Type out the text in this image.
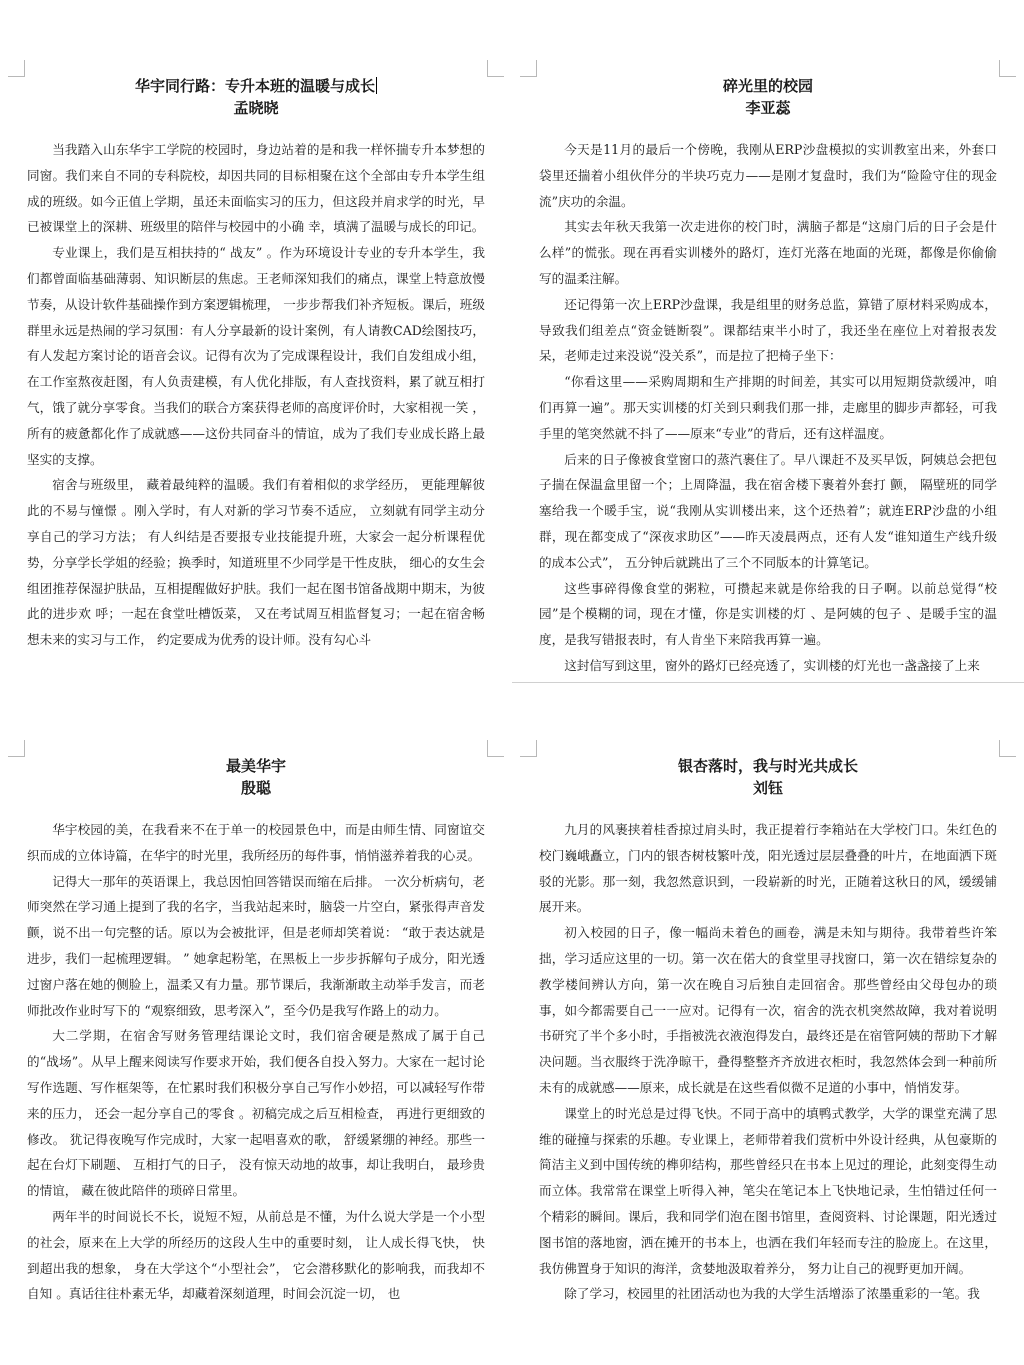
华宇同行路：专升本班的温暖与成长

孟晓晓

当我踏入山东华宇工学院的校园时，身边站着的是和我一样怀揣专升本梦想的同窗。我们来自不同的专科院校，却因共同的目标相聚在这个全部由专升本学生组成的班级。如今正值上学期，虽还未面临实习的压力，但这段并肩求学的时光，早已被课堂上的深耕、班级里的陪伴与校园中的小确 幸，填满了温暖与成长的印记。

专业课上，我们是互相扶持的“ 战友” 。作为环境设计专业的专升本学生，我们都曾面临基础薄弱、知识断层的焦虑。王老师深知我们的痛点，课堂上特意放慢节奏，从设计软件基础操作到方案逻辑梳理， 一步步帮我们补齐短板。课后，班级群里永远是热闹的学习氛围：有人分享最新的设计案例，有人请教CAD绘图技巧，有人发起方案讨论的语音会议。记得有次为了完成课程设计，我们自发组成小组，在工作室熬夜赶图，有人负责建模，有人优化排版，有人查找资料，累了就互相打气，饿了就分享零食。当我们的联合方案获得老师的高度评价时，大家相视一笑 ，所有的疲惫都化作了成就感——这份共同奋斗的情谊，成为了我们专业成长路上最坚实的支撑。

宿舍与班级里， 藏着最纯粹的温暖。我们有着相似的求学经历， 更能理解彼此的不易与憧憬 。刚入学时，有人对新的学习节奏不适应， 立刻就有同学主动分享自己的学习方法； 有人纠结是否要报专业技能提升班，大家会一起分析课程优 势，分享学长学姐的经验；换季时，知道班里不少同学是干性皮肤， 细心的女生会组团推荐保湿护肤品，互相提醒做好护肤。我们一起在图书馆备战期中期末，为彼此的进步欢 呼；一起在食堂吐槽饭菜， 又在考试周互相监督复习；一起在宿舍畅想未来的实习与工作， 约定要成为优秀的设计师。没有勾心斗

碎光里的校园

李亚蕊

今天是11月的最后一个傍晚，我刚从ERP沙盘模拟的实训教室出来，外套口袋里还揣着小组伙伴分的半块巧克力——是刚才复盘时，我们为“险险守住的现金流”庆功的余温。

其实去年秋天我第一次走进你的校门时，满脑子都是“这扇门后的日子会是什么样”的慌张。现在再看实训楼外的路灯，连灯光落在地面的光斑，都像是你偷偷写的温柔注解。

还记得第一次上ERP沙盘课，我是组里的财务总监，算错了原材料采购成本，导致我们组差点“资金链断裂”。课都结束半小时了，我还坐在座位上对着报表发呆，老师走过来没说“没关系”，而是拉了把椅子坐下：

“你看这里——采购周期和生产排期的时间差，其实可以用短期贷款缓冲，咱们再算一遍”。那天实训楼的灯关到只剩我们那一排，走廊里的脚步声都轻，可我手里的笔突然就不抖了——原来“专业”的背后，还有这样温度。

后来的日子像被食堂窗口的蒸汽裹住了。早八课赶不及买早饭，阿姨总会把包子揣在保温盒里留一个；上周降温，我在宿舍楼下裹着外套打 颤， 隔壁班的同学塞给我一个暖手宝，说“我刚从实训楼出来，这个还热着”；就连ERP沙盘的小组群，现在都变成了“深夜求助区”——昨天凌晨两点，还有人发“谁知道生产线升级的成本公式”， 五分钟后就跳出了三个不同版本的计算笔记。

这些事碎得像食堂的粥粒，可攒起来就是你给我的日子啊。以前总觉得“校园”是个模糊的词，现在才懂，你是实训楼的灯 、是阿姨的包子 、是暖手宝的温度，是我写错报表时，有人肯坐下来陪我再算一遍。

这封信写到这里，窗外的路灯已经亮透了，实训楼的灯光也一盏盏接了上来

最美华宇

殷聪

华宇校园的美，在我看来不在于单一的校园景色中，而是由师生情、同窗谊交织而成的立体诗篇，在华宇的时光里，我所经历的每件事，悄悄滋养着我的心灵。

记得大一那年的英语课上，我总因怕回答错误而缩在后排。 一次分析病句，老师突然在学习通上提到了我的名字，当我站起来时，脑袋一片空白，紧张得声音发颤，说不出一句完整的话。原以为会被批评，但是老师却笑着说： “敢于表达就是进步，我们一起梳理逻辑。 ” 她拿起粉笔，在黑板上一步步拆解句子成分，阳光透过窗户落在她的侧脸上，温柔又有力量。那节课后，我渐渐敢主动举手发言，而老师批改作业时写下的 “观察细致，思考深入”，至今仍是我写作路上的动力。

大二学期，在宿舍写财务管理结课论文时，我们宿舍硬是熬成了属于自己的“战场”。从早上醒来阅读写作要求开始，我们便各自投入努力。大家在一起讨论写作选题、写作框架等，在忙累时我们积极分享自己写作小妙招，可以减轻写作带来的压力， 还会一起分享自己的零食 。初稿完成之后互相检查， 再进行更细致的修改。 犹记得夜晚写作完成时，大家一起唱喜欢的歌， 舒缓紧绷的神经。那些一起在台灯下刷题、 互相打气的日子， 没有惊天动地的故事，却让我明白， 最珍贵的情谊， 藏在彼此陪伴的琐碎日常里。

两年半的时间说长不长，说短不短，从前总是不懂，为什么说大学是一个小型的社会，原来在上大学的所经历的这段人生中的重要时刻， 让人成长得飞快， 快到超出我的想象， 身在大学这个“小型社会”， 它会潜移默化的影响我，而我却不自知 。真话往往朴素无华，却藏着深刻道理，时间会沉淀一切， 也

银杏落时，我与时光共成长

刘钰

九月的风裹挟着桂香掠过肩头时，我正提着行李箱站在大学校门口。朱红色的校门巍峨矗立，门内的银杏树枝繁叶茂，阳光透过层层叠叠的叶片，在地面洒下斑驳的光影。那一刻，我忽然意识到，一段崭新的时光，正随着这秋日的风，缓缓铺展开来。

初入校园的日子，像一幅尚未着色的画卷，满是未知与期待。我带着些许笨拙，学习适应这里的一切。第一次在偌大的食堂里寻找窗口，第一次在错综复杂的教学楼间辨认方向，第一次在晚自习后独自走回宿舍。那些曾经由父母包办的琐事，如今都需要自己一一应对。记得有一次，宿舍的洗衣机突然故障，我对着说明书研究了半个多小时，手指被洗衣液泡得发白，最终还是在宿管阿姨的帮助下才解决问题。当衣服终于洗净晾干，叠得整整齐齐放进衣柜时，我忽然体会到一种前所未有的成就感——原来，成长就是在这些看似微不足道的小事中，悄悄发芽。

课堂上的时光总是过得飞快。不同于高中的填鸭式教学，大学的课堂充满了思维的碰撞与探索的乐趣。专业课上，老师带着我们赏析中外设计经典，从包豪斯的简洁主义到中国传统的榫卯结构，那些曾经只在书本上见过的理论，此刻变得生动而立体。我常常在课堂上听得入神，笔尖在笔记本上飞快地记录，生怕错过任何一个精彩的瞬间。课后，我和同学们泡在图书馆里，查阅资料、讨论课题，阳光透过图书馆的落地窗，洒在摊开的书本上，也洒在我们年轻而专注的脸庞上。在这里，我仿佛置身于知识的海洋，贪婪地汲取着养分， 努力让自己的视野更加开阔。

除了学习，校园里的社团活动也为我的大学生活增添了浓墨重彩的一笔。我
